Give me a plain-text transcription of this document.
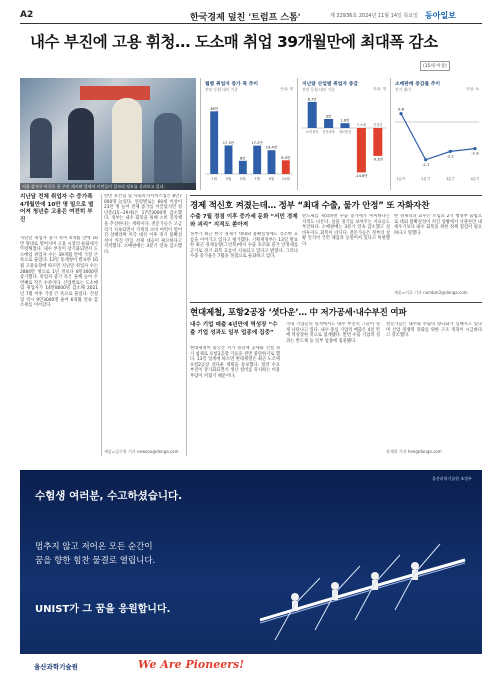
A2	한국경제 덮친 '트럼프 스톰'	제 32936호 2024년 11월 14일 목요일 동아일보
내수 부진에 고용 휘청… 도소매 취업 39개월만에 최대폭 감소
(15세 이상)
서울 강서구 마곡동 한 구인 게시판 앞에서 시민들이 일자리 정보를 살펴보고 있다.
월별 취업자 증가 폭 추이
전년 동월 대비 기준	단위: 명
38만
1월
17.3만
3월
8만
5월
17.2만
7월
14.4만
9월
8.3만
10월
지난달 산업별 취업자 증감
전년 동월 대비 기준	단위: 명
8.7만
보건복지
3만
전문과학
1.6만
정보통신
-14.8만
도소매
-9.3만
건설업
소매판매 증감률 추이
전기 대비	단위: %
0.6
1분기
-2.7
2분기
-2.1
3분기
-1.9
4분기
지난달 전체 취업자 수 증가폭 4개월만에 10만 명 밑으로 떨어져 청년층 고용은 여전히 부진
지난달 취업자 증가 폭이 4개월 만에 10만 명대로 떨어지며 고용 시장의 둔화세가 뚜렷해졌다. 내수 부진이 장기화되면서 도소매업 취업자 수는 39개월 만에 가장 큰 폭으로 줄었다. 13일 통계청이 발표한 10월 고용동향에 따르면 지난달 취업자 수는 2884만 명으로 1년 전보다 8만3000명 증가했다. 취업자 증가 폭은 올해 들어 두 번째로 작은 수준이다. 산업별로는 도소매업 취업자가 14만8000명 감소해 2021년 7월 이후 가장 큰 폭으로 줄었다. 건설업 역시 9만3000명 줄어 6개월 연속 감소세를 이어갔다.
반면 보건업 및 사회복지서비스업은 8만7000명 늘었다. 연령별로는 60세 이상이 23만 명 늘어 전체 증가를 이끌었지만 청년층(15∼29세)은 17만3000명 감소했다. 정부는 내수 회복을 위해 소비 진작책을 추진한다는 계획이다. 전문가들은 고금리가 지속되면서 가계의 소비 여력이 떨어진 상태라며 미국 대선 이후 경기 불확실성이 커진 만큼 선제 대응이 필요하다고 지적했다. 소매판매는 3분기 연속 감소했다.
세종=김수현 기자 newsoo@donga.com
경제 적신호 켜졌는데… 정부 “최대 수출, 물가 안정” 또 자화자찬
수출 7월 정점 이후 증가세 둔화 “서민 경제와 괴리” 지적도 쏟아져
정부가 최근 한국 경제가 대내외 불확실성에도 견조한 흐름을 이어가고 있다고 평가했다. 기획재정부는 13일 발표한 최근 경제동향(그린북)에서 수출 호조와 물가 안정세를 근거로 경기 회복 흐름이 지속되고 있다고 밝혔다. 그러나 수출 증가율은 7월을 정점으로 둔화하고 있다.
반도체를 제외하면 수출 증가세가 미미하다는 지적도 나온다. 실물 경기를 보여주는 지표들도 부진하다. 소매판매는 3분기 연속 감소했고 설비투자도 회복이 더디다. 전문가들은 정부의 상황 인식이 국민 체감과 동떨어져 있다고 비판했다.
한 경제학과 교수는 트럼프 2기 행정부 출범으로 대외 불확실성이 커진 상황에서 낙관론만 내세우기보다 내수 회복을 위한 정책 점검이 필요하다고 말했다.
세종=이호 기자 number2@donga.com
현대제철, 포항2공장 ‘셧다운’… 中 저가공세·내수부진 여파
내수 기업 매출 4년만에 역성장 “수출 기업 성과도 일부 업종에 집중”
현대제철이 중국산 저가 철강재 공세와 건설 경기 침체로 포항2공장 가동을 전면 중단하기로 했다. 13일 업계에 따르면 현대제철은 최근 노조에 포항2공장 셧다운 계획을 통보했다. 철강 수요 부진이 장기화되면서 생산 설비를 유지하는 비용 부담이 커졌기 때문이다.
국내 기업들의 실적에서도 내수 부진의 그늘이 짙게 나타나고 있다. 내수 중심 기업의 매출은 4년 만에 역성장한 것으로 집계됐다. 반면 수출 기업의 성과는 반도체 등 일부 업종에 집중됐다.
전문가들은 내수와 수출의 양극화가 심해지고 있다며 산업 경쟁력 강화를 위한 구조 개혁이 시급하다고 강조했다.
한재희 기자 hee@donga.com
울산과학기술원 조정부
수험생 여러분, 수고하셨습니다.
멈추지 않고 저어온 모든 순간이
꿈을 향한 힘찬 물결로 열립니다.
UNIST가 그 꿈을 응원합니다.
울산과학기술원	We Are Pioneers!
